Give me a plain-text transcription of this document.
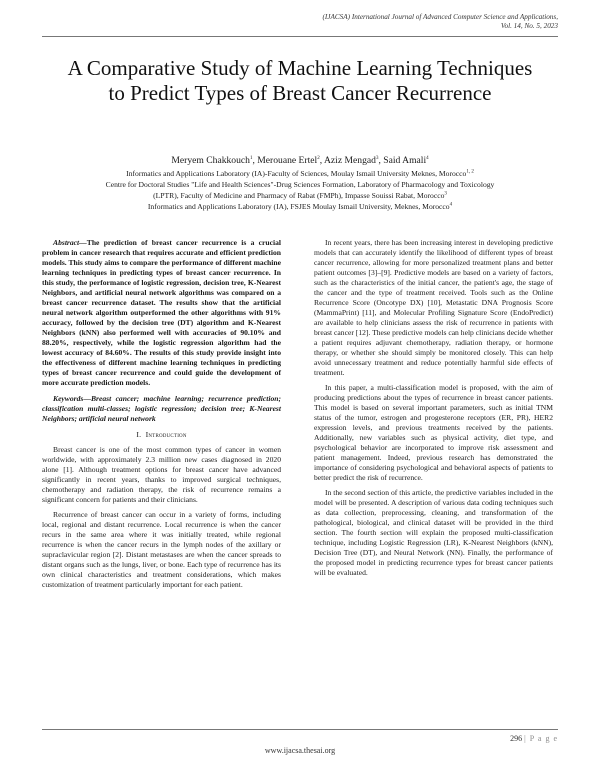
(IJACSA) International Journal of Advanced Computer Science and Applications,
Vol. 14, No. 5, 2023
A Comparative Study of Machine Learning Techniques to Predict Types of Breast Cancer Recurrence
Meryem Chakkouch$^1$, Merouane Ertel$^2$, Aziz Mengad$^3$, Said Amali$^4$
Informatics and Applications Laboratory (IA)-Faculty of Sciences, Moulay Ismail University Meknes, Morocco$^{1, 2}$
Centre for Doctoral Studies "Life and Health Sciences"-Drug Sciences Formation, Laboratory of Pharmacology and Toxicology
(LPTR), Faculty of Medicine and Pharmacy of Rabat (FMPh), Impasse Souissi Rabat, Morocco$^3$
Informatics and Applications Laboratory (IA), FSJES Moulay Ismail University, Meknes, Morocco$^4$

Abstract—The prediction of breast cancer recurrence is a crucial problem in cancer research that requires accurate and efficient prediction models. This study aims to compare the performance of different machine learning techniques in predicting types of breast cancer recurrence. In this study, the performance of logistic regression, decision tree, K-Nearest Neighbors, and artificial neural network algorithms was compared on a breast cancer recurrence dataset. The results show that the artificial neural network algorithm outperformed the other algorithms with 91% accuracy, followed by the decision tree (DT) algorithm and K-Nearest Neighbors (kNN) also performed well with accuracies of 90.10% and 88.20%, respectively, while the logistic regression algorithm had the lowest accuracy of 84.60%. The results of this study provide insight into the effectiveness of different machine learning techniques in predicting types of breast cancer recurrence and could guide the development of more accurate prediction models.

Keywords—Breast cancer; machine learning; recurrence prediction; classification multi-classes; logistic regression; decision tree; K-Nearest Neighbors; artificial neural network

I. Introduction

Breast cancer is one of the most common types of cancer in women worldwide, with approximately 2.3 million new cases diagnosed in 2020 alone [1]. Although treatment options for breast cancer have advanced significantly in recent years, thanks to improved surgical techniques, chemotherapy and radiation therapy, the risk of recurrence remains a significant concern for patients and their clinicians.

Recurrence of breast cancer can occur in a variety of forms, including local, regional and distant recurrence. Local recurrence is when the cancer recurs in the same area where it was initially treated, while regional recurrence is when the cancer recurs in the lymph nodes of the axillary or supraclavicular region [2]. Distant metastases are when the cancer spreads to distant organs such as the lungs, liver, or bone. Each type of recurrence has its own clinical characteristics and treatment considerations, which makes customization of treatment particularly important for each patient.

In recent years, there has been increasing interest in developing predictive models that can accurately identify the likelihood of different types of breast cancer recurrence, allowing for more personalized treatment plans and better patient outcomes [3]–[9]. Predictive models are based on a variety of factors, such as the characteristics of the initial cancer, the patient's age, the stage of the cancer and the type of treatment received. Tools such as the Online Recurrence Score (Oncotype DX) [10], Metastatic DNA Prognosis Score (MammaPrint) [11], and Molecular Profiling Signature Score (EndoPredict) are available to help clinicians assess the risk of recurrence in patients with breast cancer [12]. These predictive models can help clinicians decide whether a patient requires adjuvant chemotherapy, radiation therapy, or hormone therapy, or whether she should simply be monitored closely. This can help avoid unnecessary treatment and reduce potentially harmful side effects of treatment.

In this paper, a multi-classification model is proposed, with the aim of producing predictions about the types of recurrence in breast cancer patients. This model is based on several important parameters, such as initial TNM status of the tumor, estrogen and progesterone receptors (ER, PR), HER2 expression levels, and previous treatments received by the patients. Additionally, new variables such as physical activity, diet type, and psychological behavior are incorporated to improve risk assessment and patient management. Indeed, previous research has demonstrated the importance of considering psychological and behavioral aspects of patients to better predict the risk of recurrence.

In the second section of this article, the predictive variables included in the model will be presented. A description of various data coding techniques such as data collection, preprocessing, cleaning, and transformation of the pathological, biological, and clinical dataset will be provided in the third section. The fourth section will explain the proposed multi-classification technique, including Logistic Regression (LR), K-Nearest Neighbors (kNN), Decision Tree (DT), and Neural Network (NN). Finally, the performance of the proposed model in predicting recurrence types for breast cancer patients will be evaluated.

296 | P a g e
www.ijacsa.thesai.org
